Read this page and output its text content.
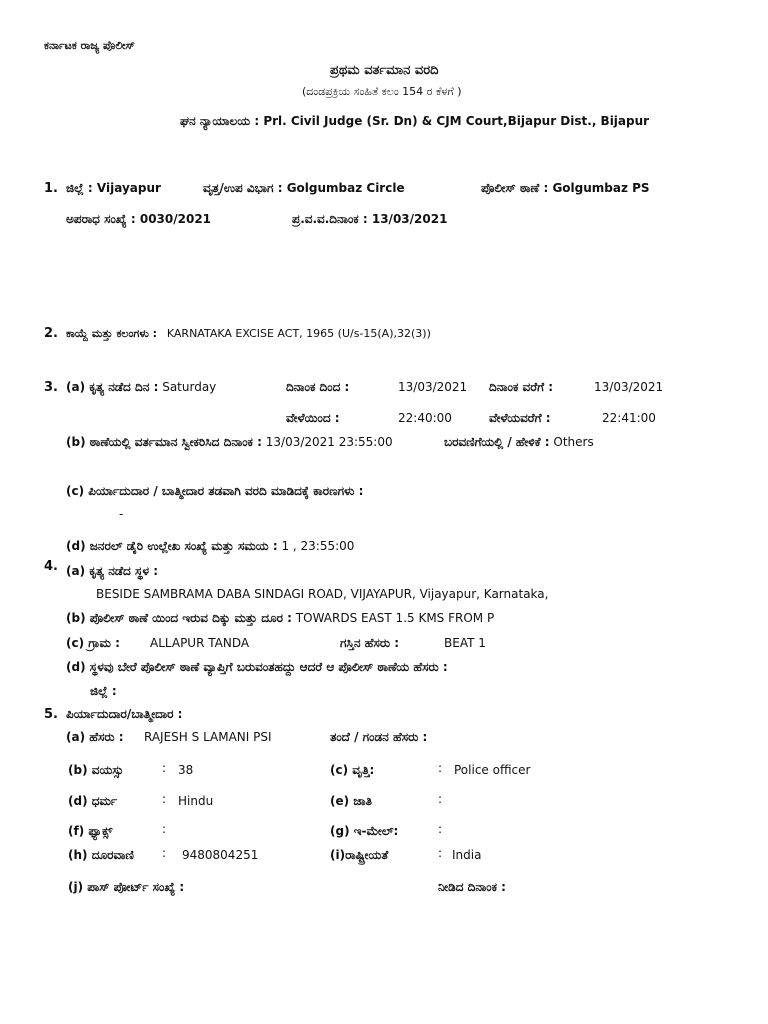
ಕರ್ನಾಟಕ ರಾಜ್ಯ ಪೊಲೀಸ್
ಪ್ರಥಮ ವರ್ತಮಾನ ವರದಿ
(ದಂಡಪ್ರಕ್ರಿಯ ಸಂಹಿತೆ ಕಲಂ 154 ರ ಕೆಳಗೆ )
ಘನ ನ್ಯಾಯಾಲಯ : Prl. Civil Judge (Sr. Dn) & CJM Court,Bijapur Dist., Bijapur
1. ಜಿಲ್ಲೆ : Vijayapur	ವೃತ್ತ/ಉಪ ವಿಭಾಗ : Golgumbaz Circle	ಪೊಲೀಸ್ ಠಾಣೆ : Golgumbaz PS
ಅಪರಾಧ ಸಂಖ್ಯೆ : 0030/2021	ಪ್ರ.ವ.ವ.ದಿನಾಂಕ : 13/03/2021
2. ಕಾಯ್ದೆ ಮತ್ತು ಕಲಂಗಳು : KARNATAKA EXCISE ACT, 1965 (U/s-15(A),32(3))
3. (a) ಕೃತ್ಯ ನಡೆದ ದಿನ : Saturday	ದಿನಾಂಕ ದಿಂದ :	13/03/2021 ದಿನಾಂಕ ವರೆಗೆ :	13/03/2021
ವೇಳೆಯಿಂದ :	22:40:00	ವೇಳೆಯವರೆಗೆ :	22:41:00
(b) ಠಾಣೆಯಲ್ಲಿ ವರ್ತಮಾನ ಸ್ವೀಕರಿಸಿದ ದಿನಾಂಕ : 13/03/2021 23:55:00	ಬರವಣಿಗೆಯಲ್ಲಿ / ಹೇಳಿಕೆ : Others
(c) ಪಿರ್ಯಾದುದಾರ / ಬಾತ್ಮೀದಾರ ತಡವಾಗಿ ವರದಿ ಮಾಡಿದಕ್ಕೆ ಕಾರಣಗಳು :
-
(d) ಜನರಲ್ ಡೈರಿ ಉಲ್ಲೇಖ ಸಂಖ್ಯೆ ಮತ್ತು ಸಮಯ : 1 , 23:55:00
4. (a) ಕೃತ್ಯ ನಡೆದ ಸ್ಥಳ :
BESIDE SAMBRAMA DABA SINDAGI ROAD, VIJAYAPUR, Vijayapur, Karnataka,
(b) ಪೊಲೀಸ್ ಠಾಣೆ ಯಿಂದ ಇರುವ ದಿಕ್ಕು ಮತ್ತು ದೂರ : TOWARDS EAST 1.5 KMS FROM P
(c) ಗ್ರಾಮ :	ALLAPUR TANDA	ಗಸ್ತಿನ ಹೆಸರು :	BEAT 1
(d) ಸ್ಥಳವು ಬೇರೆ ಪೊಲೀಸ್ ಠಾಣೆ ವ್ಯಾಪ್ತಿಗೆ ಬರುವಂತಹದ್ದು ಆದರೆ ಆ ಪೊಲೀಸ್ ಠಾಣೆಯ ಹೆಸರು :
ಜಿಲ್ಲೆ :
5. ಪಿರ್ಯಾದುದಾರ/ಬಾತ್ಮೀದಾರ :
(a) ಹೆಸರು : RAJESH S LAMANI PSI	ತಂದೆ / ಗಂಡನ ಹೆಸರು :
(b) ವಯಸ್ಸು	: 38	(c) ವೃತ್ತಿ:	: Police officer
(d) ಧರ್ಮ	: Hindu	(e) ಜಾತಿ	:
(f) ಫ್ಯಾಕ್ಸ್	:	(g) ಇ-ಮೇಲ್:	:
(h) ದೂರವಾಣಿ : 9480804251	(i)ರಾಷ್ಟ್ರೀಯತೆ	: India
(j) ಪಾಸ್ ಪೋರ್ಟ್ ಸಂಖ್ಯೆ :	ನೀಡಿದ ದಿನಾಂಕ :
